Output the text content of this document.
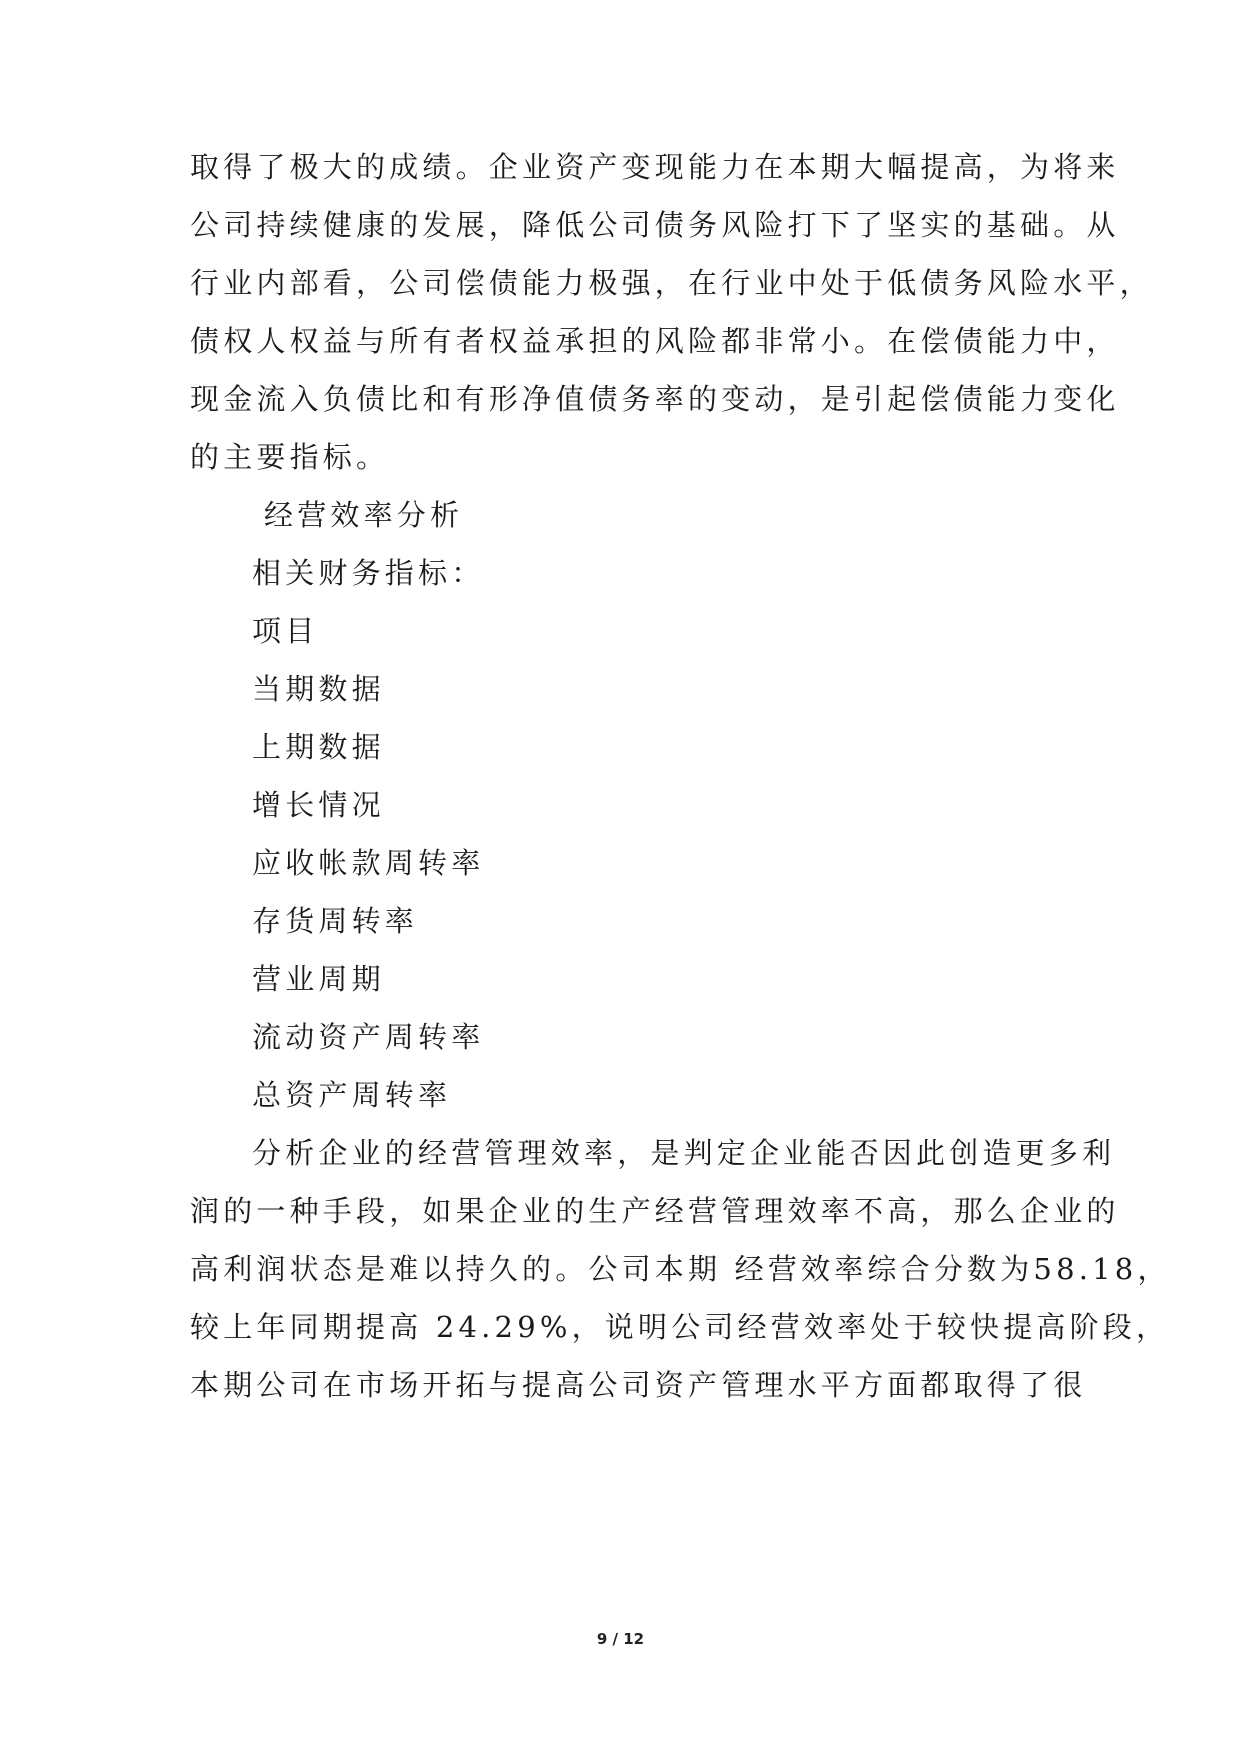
取得了极大的成绩。企业资产变现能力在本期大幅提高，为将来
公司持续健康的发展，降低公司债务风险打下了坚实的基础。从
行业内部看，公司偿债能力极强，在行业中处于低债务风险水平，
债权人权益与所有者权益承担的风险都非常小。在偿债能力中，
现金流入负债比和有形净值债务率的变动，是引起偿债能力变化
的主要指标。
经营效率分析
相关财务指标：
项目
当期数据
上期数据
增长情况
应收帐款周转率
存货周转率
营业周期
流动资产周转率
总资产周转率
分析企业的经营管理效率，是判定企业能否因此创造更多利
润的一种手段，如果企业的生产经营管理效率不高，那么企业的
高利润状态是难以持久的。公司本期 经营效率综合分数为58.18，
较上年同期提高 24.29%，说明公司经营效率处于较快提高阶段，
本期公司在市场开拓与提高公司资产管理水平方面都取得了很
9 / 12
